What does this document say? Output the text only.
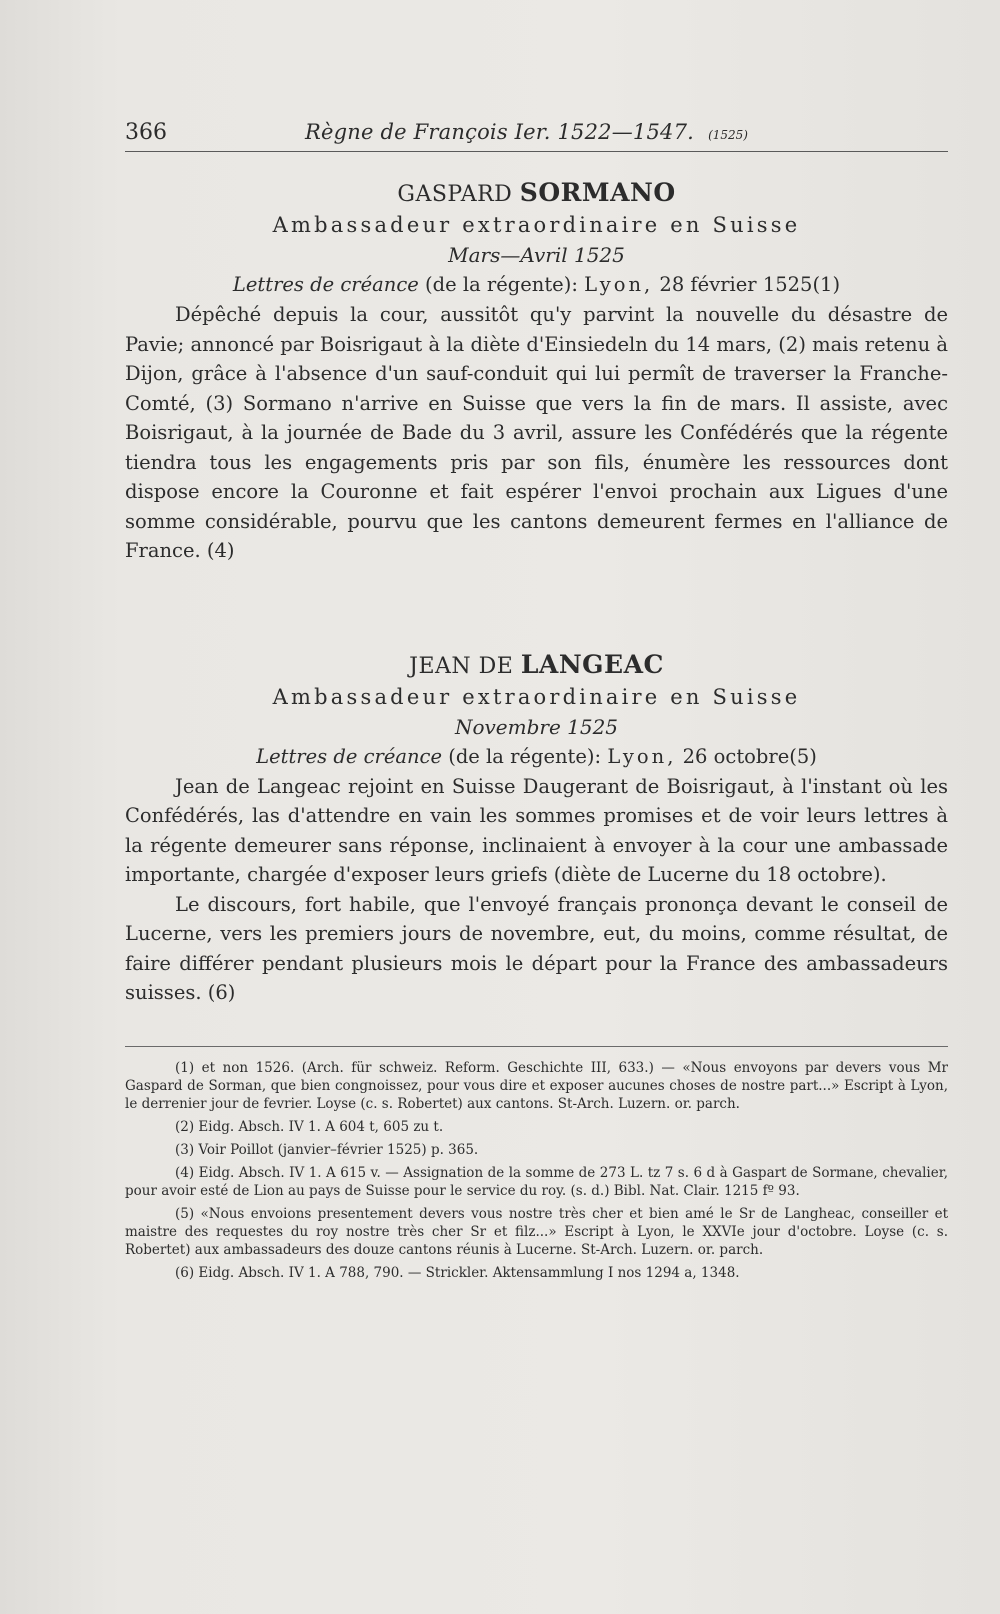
366	Règne de François Ier. 1522—1547. (1525)
GASPARD SORMANO
Ambassadeur extraordinaire en Suisse
Mars—Avril 1525
Lettres de créance (de la régente): Lyon, 28 février 1525(1)

Dépêché depuis la cour, aussitôt qu'y parvint la nouvelle du désastre de Pavie; annoncé par Boisrigaut à la diète d'Einsiedeln du 14 mars, (2) mais retenu à Dijon, grâce à l'absence d'un sauf-conduit qui lui permît de traverser la Franche-Comté, (3) Sormano n'arrive en Suisse que vers la fin de mars. Il assiste, avec Boisrigaut, à la journée de Bade du 3 avril, assure les Confédérés que la régente tiendra tous les engagements pris par son fils, énumère les ressources dont dispose encore la Couronne et fait espérer l'envoi prochain aux Ligues d'une somme considérable, pourvu que les cantons demeurent fermes en l'alliance de France. (4)

JEAN DE LANGEAC
Ambassadeur extraordinaire en Suisse
Novembre 1525
Lettres de créance (de la régente): Lyon, 26 octobre(5)

Jean de Langeac rejoint en Suisse Daugerant de Boisrigaut, à l'instant où les Confédérés, las d'attendre en vain les sommes promises et de voir leurs lettres à la régente demeurer sans réponse, inclinaient à envoyer à la cour une ambassade importante, chargée d'exposer leurs griefs (diète de Lucerne du 18 octobre).

Le discours, fort habile, que l'envoyé français prononça devant le conseil de Lucerne, vers les premiers jours de novembre, eut, du moins, comme résultat, de faire différer pendant plusieurs mois le départ pour la France des ambassadeurs suisses. (6)

(1) et non 1526. (Arch. für schweiz. Reform. Geschichte III, 633.) — «Nous envoyons par devers vous Mr Gaspard de Sorman, que bien congnoissez, pour vous dire et exposer aucunes choses de nostre part...» Escript à Lyon, le derrenier jour de fevrier. Loyse (c. s. Robertet) aux cantons. St-Arch. Luzern. or. parch.

(2) Eidg. Absch. IV 1. A 604 t, 605 zu t.

(3) Voir Poillot (janvier–février 1525) p. 365.

(4) Eidg. Absch. IV 1. A 615 v. — Assignation de la somme de 273 L. tz 7 s. 6 d à Gaspart de Sormane, chevalier, pour avoir esté de Lion au pays de Suisse pour le service du roy. (s. d.) Bibl. Nat. Clair. 1215 fº 93.

(5) «Nous envoions presentement devers vous nostre très cher et bien amé le Sr de Langheac, conseiller et maistre des requestes du roy nostre très cher Sr et filz...» Escript à Lyon, le XXVIe jour d'octobre. Loyse (c. s. Robertet) aux ambassadeurs des douze cantons réunis à Lucerne. St-Arch. Luzern. or. parch.

(6) Eidg. Absch. IV 1. A 788, 790. — Strickler. Aktensammlung I nos 1294 a, 1348.
